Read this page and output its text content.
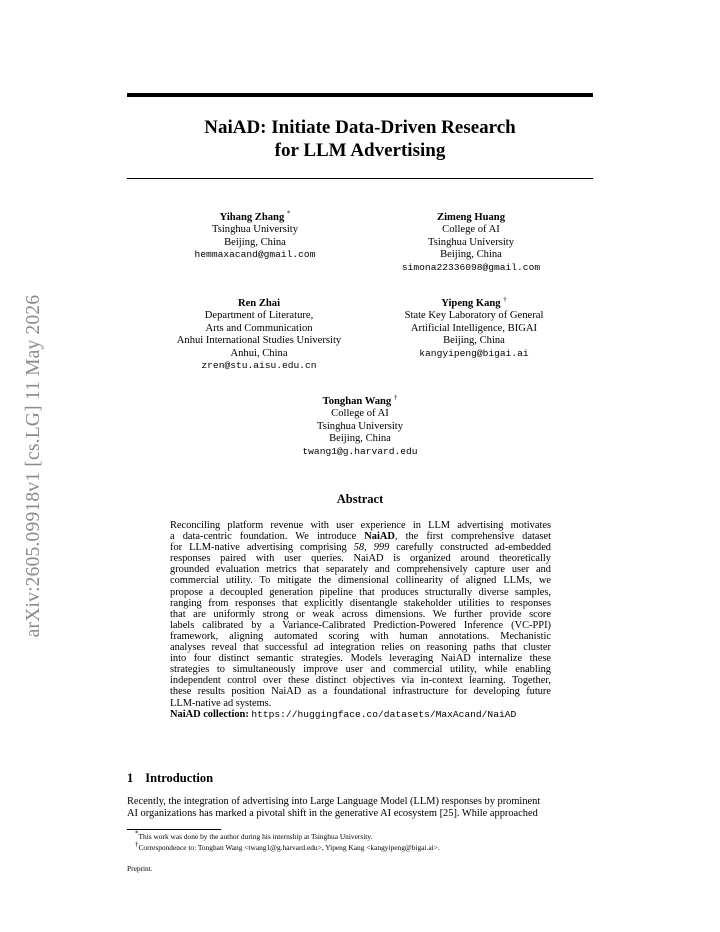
arXiv:2605.09918v1 [cs.LG] 11 May 2026
NaiAD: Initiate Data-Driven Research
for LLM Advertising
Yihang Zhang *
Tsinghua University
Beijing, China
hemmaxacand@gmail.com
Zimeng Huang
College of AI
Tsinghua University
Beijing, China
simona22336098@gmail.com
Ren Zhai
Department of Literature,
Arts and Communication
Anhui International Studies University
Anhui, China
zren@stu.aisu.edu.cn
Yipeng Kang †
State Key Laboratory of General
Artificial Intelligence, BIGAI
Beijing, China
kangyipeng@bigai.ai
Tonghan Wang †
College of AI
Tsinghua University
Beijing, China
twang1@g.harvard.edu
Abstract
Reconciling platform revenue with user experience in LLM advertising motivates
a data-centric foundation. We introduce NaiAD, the first comprehensive dataset
for LLM-native advertising comprising 58, 999 carefully constructed ad-embedded
responses paired with user queries. NaiAD is organized around theoretically
grounded evaluation metrics that separately and comprehensively capture user and
commercial utility. To mitigate the dimensional collinearity of aligned LLMs, we
propose a decoupled generation pipeline that produces structurally diverse samples,
ranging from responses that explicitly disentangle stakeholder utilities to responses
that are uniformly strong or weak across dimensions. We further provide score
labels calibrated by a Variance-Calibrated Prediction-Powered Inference (VC-PPI)
framework, aligning automated scoring with human annotations. Mechanistic
analyses reveal that successful ad integration relies on reasoning paths that cluster
into four distinct semantic strategies. Models leveraging NaiAD internalize these
strategies to simultaneously improve user and commercial utility, while enabling
independent control over these distinct objectives via in-context learning. Together,
these results position NaiAD as a foundational infrastructure for developing future
LLM-native ad systems.
NaiAD collection: https://huggingface.co/datasets/MaxAcand/NaiAD
1 Introduction
Recently, the integration of advertising into Large Language Model (LLM) responses by prominent
AI organizations has marked a pivotal shift in the generative AI ecosystem [25]. While approached
*This work was done by the author during his internship at Tsinghua University.
†Correspondence to: Tonghan Wang <twang1@g.harvard.edu>, Yipeng Kang <kangyipeng@bigai.ai>.
Preprint.
